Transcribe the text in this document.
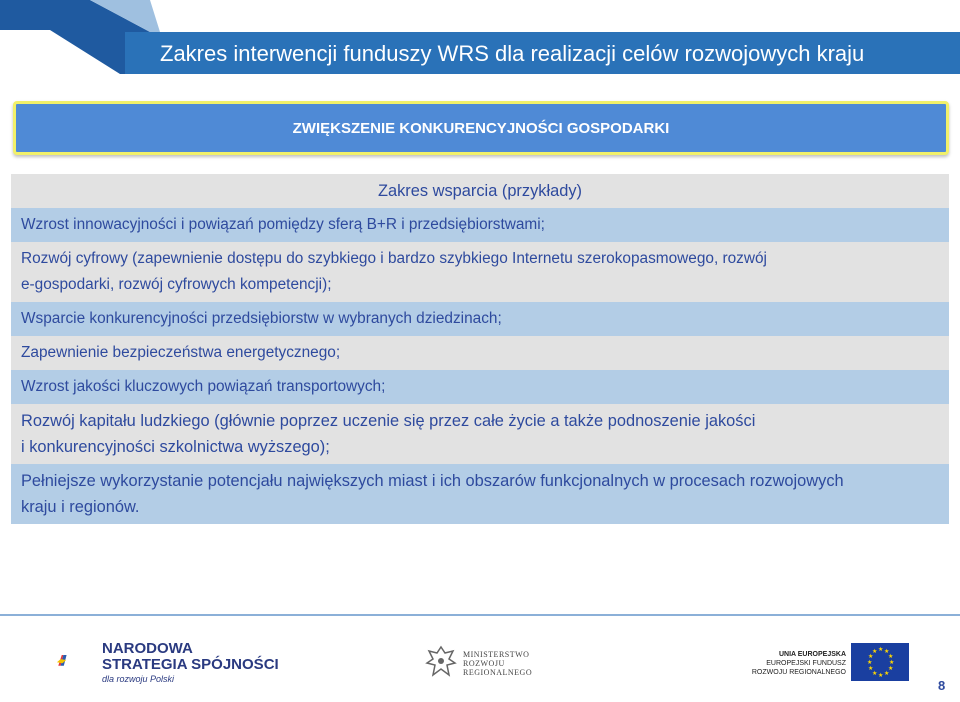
Zakres interwencji funduszy WRS dla realizacji celów rozwojowych kraju
ZWIĘKSZENIE KONKURENCYJNOŚCI GOSPODARKI
Zakres wsparcia (przykłady)
Wzrost innowacyjności i powiązań pomiędzy sferą B+R i przedsiębiorstwami;
Rozwój cyfrowy (zapewnienie dostępu do szybkiego i bardzo szybkiego Internetu szerokopasmowego, rozwój
e-gospodarki, rozwój cyfrowych kompetencji);
Wsparcie konkurencyjności przedsiębiorstw w wybranych dziedzinach;
Zapewnienie bezpieczeństwa energetycznego;
Wzrost jakości kluczowych powiązań transportowych;
Rozwój kapitału ludzkiego (głównie poprzez uczenie się przez całe życie a także podnoszenie jakości
i konkurencyjności szkolnictwa wyższego);
Pełniejsze wykorzystanie potencjału największych miast i ich obszarów funkcjonalnych w procesach rozwojowych
kraju i regionów.
NARODOWA
STRATEGIA SPÓJNOŚCI
dla rozwoju Polski
MINISTERSTWO
ROZWOJU
REGIONALNEGO
UNIA EUROPEJSKA
EUROPEJSKI FUNDUSZ
ROZWOJU REGIONALNEGO
★ ★
★
★
★
★
★
★
★
★
★
★
8
